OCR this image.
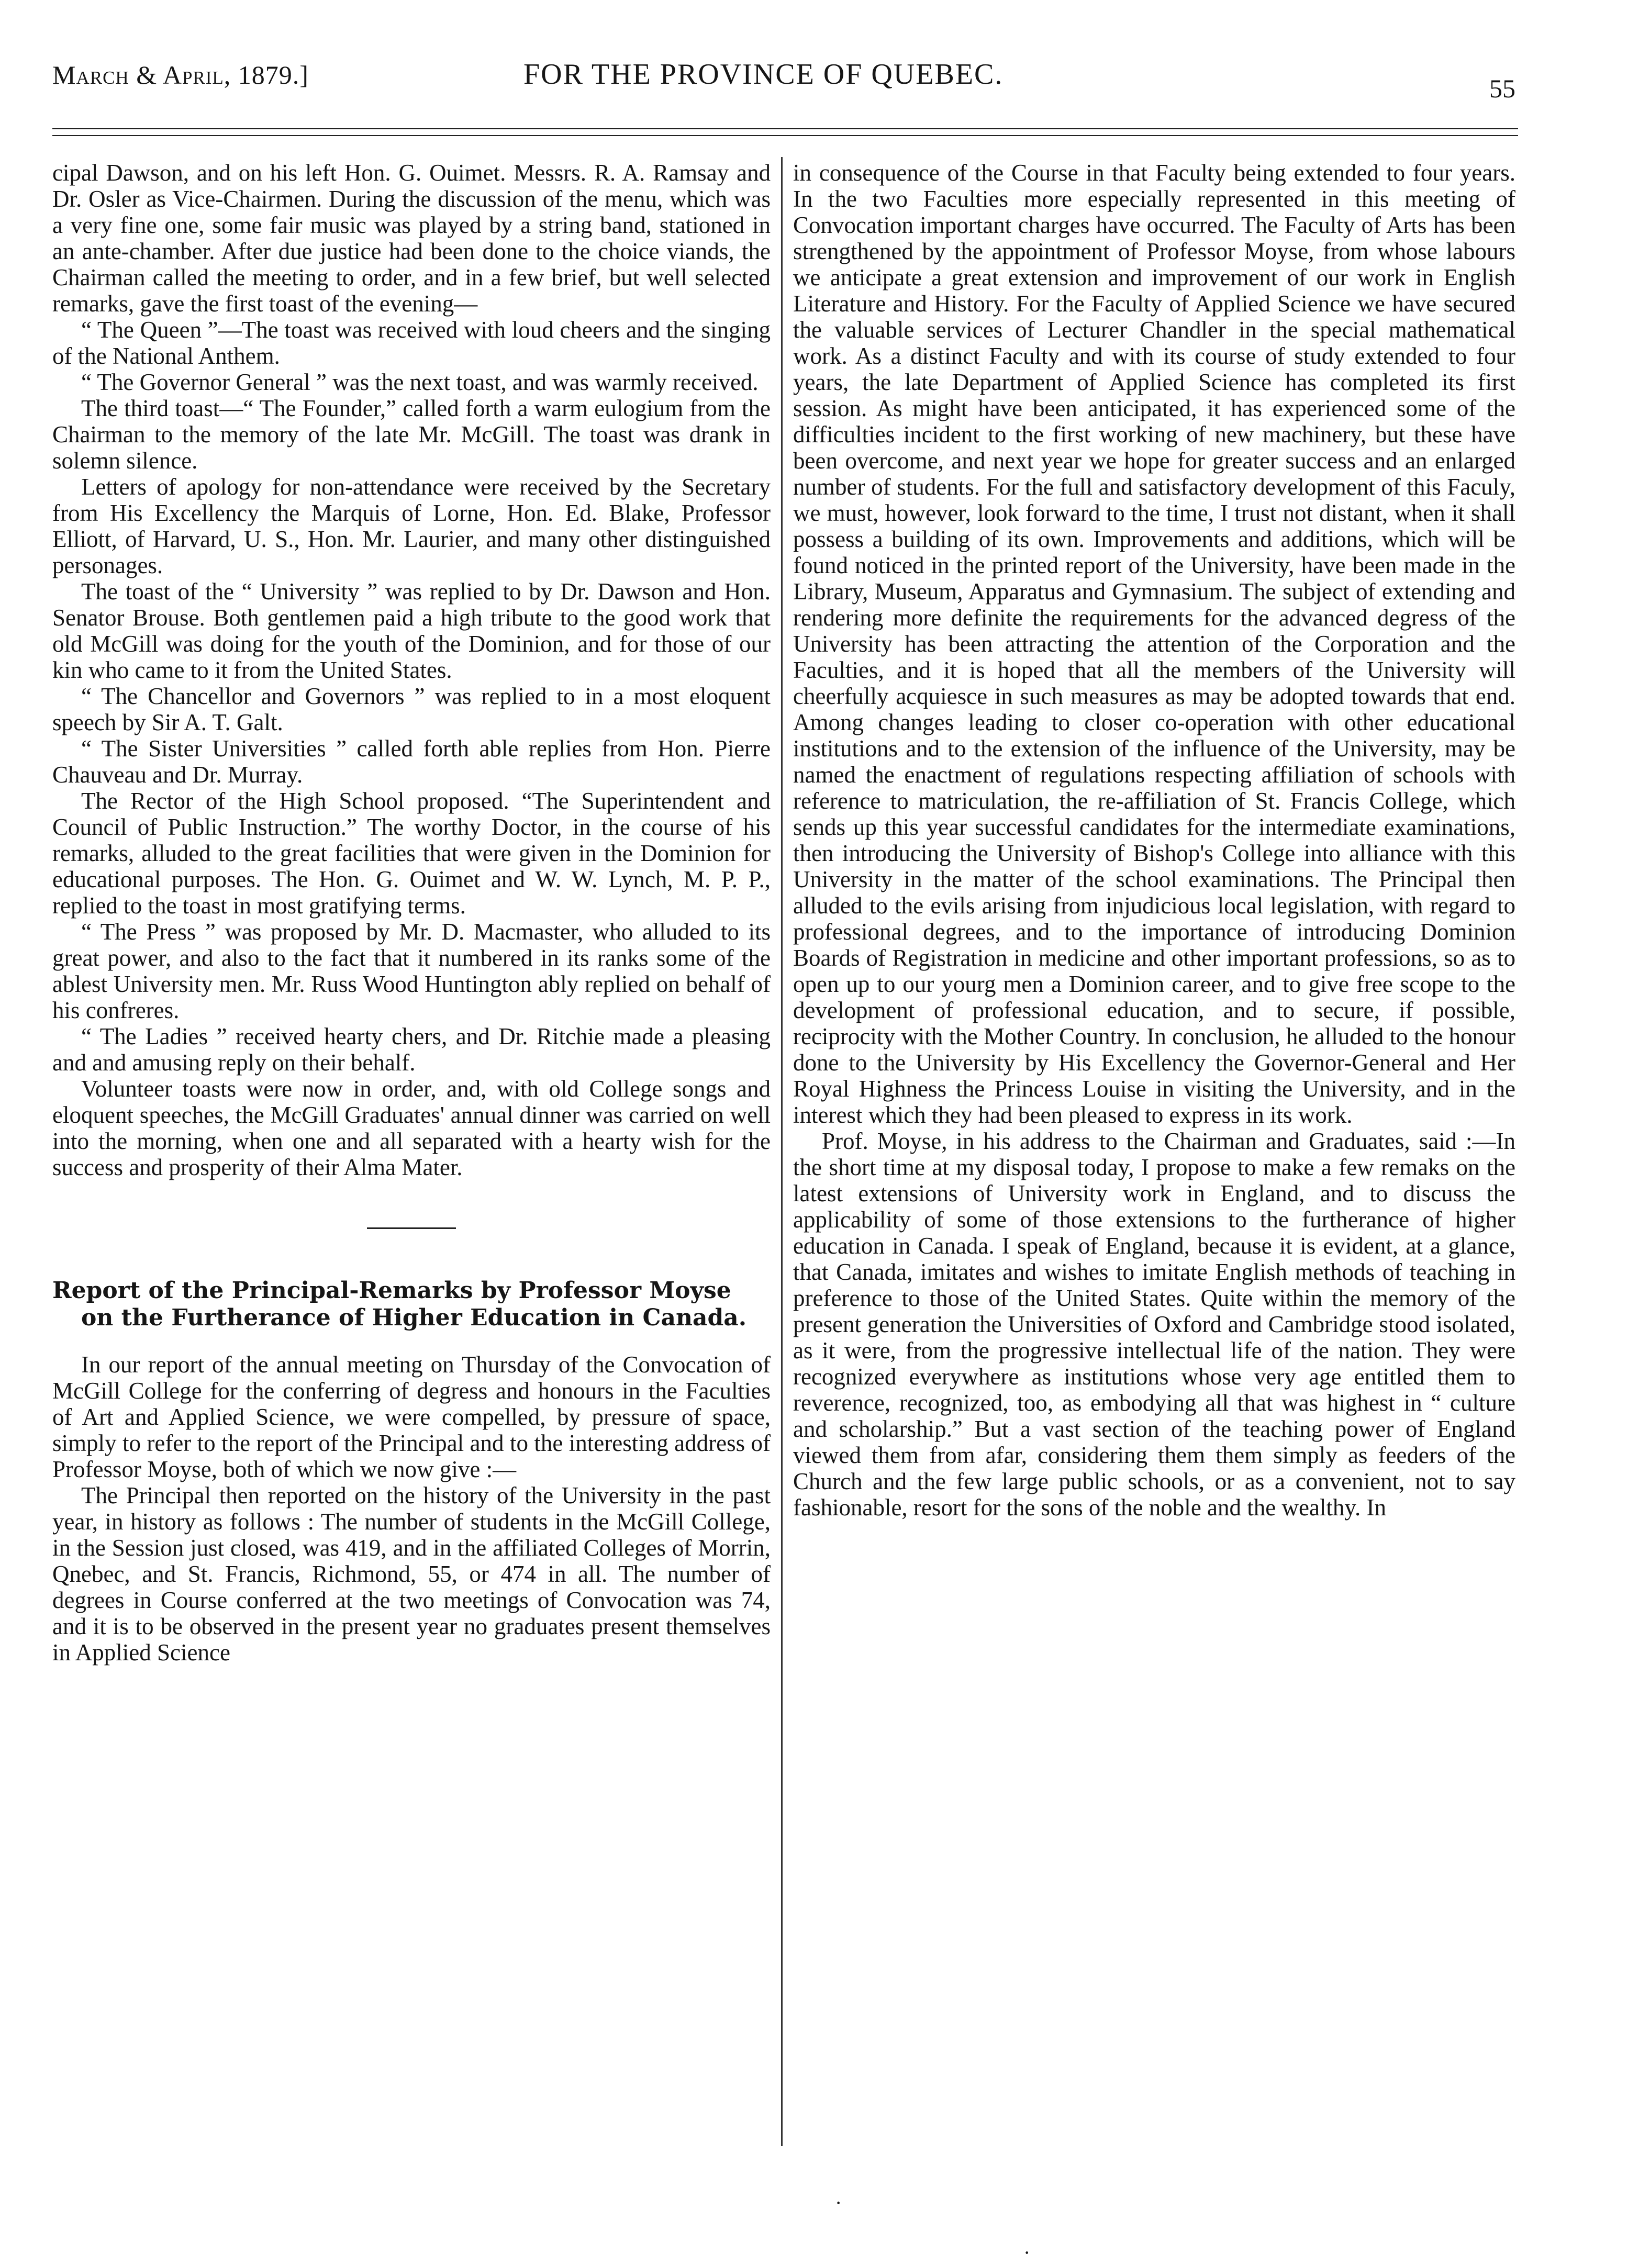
March & April, 1879.]	FOR THE PROVINCE OF QUEBEC.	55

cipal Dawson, and on his left Hon. G. Ouimet. Messrs. R. A. Ramsay and Dr. Osler as Vice-Chairmen. During the discussion of the menu, which was a very fine one, some fair music was played by a string band, stationed in an ante-chamber. After due justice had been done to the choice viands, the Chairman called the meeting to order, and in a few brief, but well selected remarks, gave the first toast of the evening—

“ The Queen ”—The toast was received with loud cheers and the singing of the National Anthem.

“ The Governor General ” was the next toast, and was warmly received.

The third toast—“ The Founder,” called forth a warm eulogium from the Chairman to the memory of the late Mr. McGill. The toast was drank in solemn silence.

Letters of apology for non-attendance were received by the Secretary from His Excellency the Marquis of Lorne, Hon. Ed. Blake, Professor Elliott, of Harvard, U. S., Hon. Mr. Laurier, and many other distinguished personages.

The toast of the “ University ” was replied to by Dr. Dawson and Hon. Senator Brouse. Both gentlemen paid a high tribute to the good work that old McGill was doing for the youth of the Dominion, and for those of our kin who came to it from the United States.

“ The Chancellor and Governors ” was replied to in a most eloquent speech by Sir A. T. Galt.

“ The Sister Universities ” called forth able replies from Hon. Pierre Chauveau and Dr. Murray.

The Rector of the High School proposed. “The Superintendent and Council of Public Instruction.” The worthy Doctor, in the course of his remarks, alluded to the great facilities that were given in the Dominion for educational purposes. The Hon. G. Ouimet and W. W. Lynch, M. P. P., replied to the toast in most gratifying terms.

“ The Press ” was proposed by Mr. D. Macmaster, who alluded to its great power, and also to the fact that it numbered in its ranks some of the ablest University men. Mr. Russ Wood Huntington ably replied on behalf of his confreres.

“ The Ladies ” received hearty chers, and Dr. Ritchie made a pleasing and and amusing reply on their behalf.

Volunteer toasts were now in order, and, with old College songs and eloquent speeches, the McGill Graduates' annual dinner was carried on well into the morning, when one and all separated with a hearty wish for the success and prosperity of their Alma Mater.

Report of the Principal-Remarks by Professor Moyse on the Furtherance of Higher Education in Canada.

In our report of the annual meeting on Thursday of the Convocation of McGill College for the conferring of degress and honours in the Faculties of Art and Applied Science, we were compelled, by pressure of space, simply to refer to the report of the Principal and to the interesting address of Professor Moyse, both of which we now give :—

The Principal then reported on the history of the University in the past year, in history as follows : The number of students in the McGill College, in the Session just closed, was 419, and in the affiliated Colleges of Morrin, Qnebec, and St. Francis, Richmond, 55, or 474 in all. The number of degrees in Course conferred at the two meetings of Convocation was 74, and it is to be observed in the present year no graduates present themselves in Applied Science

in consequence of the Course in that Faculty being extended to four years. In the two Faculties more especially represented in this meeting of Convocation important charges have occurred. The Faculty of Arts has been strengthened by the appointment of Professor Moyse, from whose labours we anticipate a great extension and improvement of our work in English Literature and History. For the Faculty of Applied Science we have secured the valuable services of Lecturer Chandler in the special mathematical work. As a distinct Faculty and with its course of study extended to four years, the late Department of Applied Science has completed its first session. As might have been anticipated, it has experienced some of the difficulties incident to the first working of new machinery, but these have been overcome, and next year we hope for greater success and an enlarged number of students. For the full and satisfactory development of this Faculy, we must, however, look forward to the time, I trust not distant, when it shall possess a building of its own. Improvements and additions, which will be found noticed in the printed report of the University, have been made in the Library, Museum, Apparatus and Gymnasium. The subject of extending and rendering more definite the requirements for the advanced degress of the University has been attracting the attention of the Corporation and the Faculties, and it is hoped that all the members of the University will cheerfully acquiesce in such measures as may be adopted towards that end. Among changes leading to closer co-operation with other educational institutions and to the extension of the influence of the University, may be named the enactment of regulations respecting affiliation of schools with reference to matriculation, the re-affiliation of St. Francis College, which sends up this year successful candidates for the intermediate examinations, then introducing the University of Bishop's College into alliance with this University in the matter of the school examinations. The Principal then alluded to the evils arising from injudicious local legislation, with regard to professional degrees, and to the importance of introducing Dominion Boards of Registration in medicine and other important professions, so as to open up to our yourg men a Dominion career, and to give free scope to the development of professional education, and to secure, if possible, reciprocity with the Mother Country. In conclusion, he alluded to the honour done to the University by His Excellency the Governor-General and Her Royal Highness the Princess Louise in visiting the University, and in the interest which they had been pleased to express in its work.

Prof. Moyse, in his address to the Chairman and Graduates, said :—In the short time at my disposal today, I propose to make a few remaks on the latest extensions of University work in England, and to discuss the applicability of some of those extensions to the furtherance of higher education in Canada. I speak of England, because it is evident, at a glance, that Canada, imitates and wishes to imitate English methods of teaching in preference to those of the United States. Quite within the memory of the present generation the Universities of Oxford and Cambridge stood isolated, as it were, from the progressive intellectual life of the nation. They were recognized everywhere as institutions whose very age entitled them to reverence, recognized, too, as embodying all that was highest in “ culture and scholarship.” But a vast section of the teaching power of England viewed them from afar, considering them them simply as feeders of the Church and the few large public schools, or as a convenient, not to say fashionable, resort for the sons of the noble and the wealthy. In

·
·
